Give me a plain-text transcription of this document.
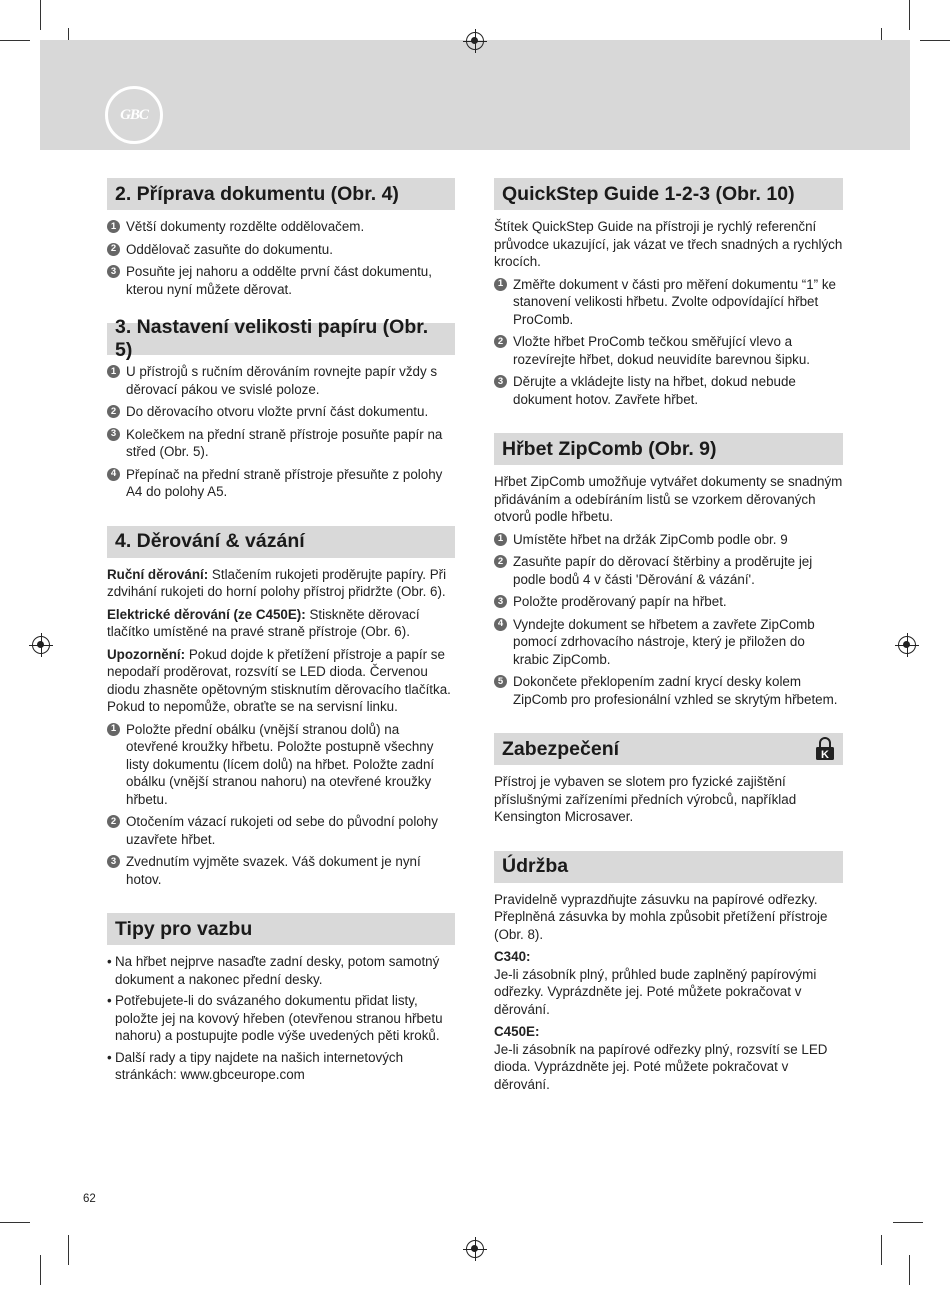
GBC
2. Příprava dokumentu (Obr. 4)
1 Větší dokumenty rozdělte oddělovačem.
2 Oddělovač zasuňte do dokumentu.
3 Posuňte jej nahoru a oddělte první část dokumentu, kterou nyní můžete děrovat.
3. Nastavení velikosti papíru (Obr. 5)
1 U přístrojů s ručním děrováním rovnejte papír vždy s děrovací pákou ve svislé poloze.
2 Do děrovacího otvoru vložte první část dokumentu.
3 Kolečkem na přední straně přístroje posuňte papír na střed (Obr. 5).
4 Přepínač na přední straně přístroje přesuňte z polohy A4 do polohy A5.
4. Děrování & vázání

Ruční děrování: Stlačením rukojeti proděrujte papíry. Při zdvihání rukojeti do horní polohy přístroj přidržte (Obr. 6).

Elektrické děrování (ze C450E): Stiskněte děrovací tlačítko umístěné na pravé straně přístroje (Obr. 6).

Upozornění: Pokud dojde k přetížení přístroje a papír se nepodaří proděrovat, rozsvítí se LED dioda. Červenou diodu zhasněte opětovným stisknutím děrovacího tlačítka. Pokud to nepomůže, obraťte se na servisní linku.

1 Položte přední obálku (vnější stranou dolů) na otevřené kroužky hřbetu. Položte postupně všechny listy dokumentu (lícem dolů) na hřbet. Položte zadní obálku (vnější stranou nahoru) na otevřené kroužky hřbetu.
2 Otočením vázací rukojeti od sebe do původní polohy uzavřete hřbet.
3 Zvednutím vyjměte svazek. Váš dokument je nyní hotov.
Tipy pro vazbu
• Na hřbet nejprve nasaďte zadní desky, potom samotný dokument a nakonec přední desky.
• Potřebujete-li do svázaného dokumentu přidat listy, položte jej na kovový hřeben (otevřenou stranou hřbetu nahoru) a postupujte podle výše uvedených pěti kroků.
• Další rady a tipy najdete na našich internetových stránkách: www.gbceurope.com
QuickStep Guide 1-2-3 (Obr. 10)

Štítek QuickStep Guide na přístroji je rychlý referenční průvodce ukazující, jak vázat ve třech snadných a rychlých krocích.

1 Změřte dokument v části pro měření dokumentu “1” ke stanovení velikosti hřbetu. Zvolte odpovídající hřbet ProComb.
2 Vložte hřbet ProComb tečkou směřující vlevo a rozevírejte hřbet, dokud neuvidíte barevnou šipku.
3 Děrujte a vkládejte listy na hřbet, dokud nebude dokument hotov. Zavřete hřbet.
Hřbet ZipComb (Obr. 9)

Hřbet ZipComb umožňuje vytvářet dokumenty se snadným přidáváním a odebíráním listů se vzorkem děrovaných otvorů podle hřbetu.

1 Umístěte hřbet na držák ZipComb podle obr. 9
2 Zasuňte papír do děrovací štěrbiny a proděrujte jej podle bodů 4 v části 'Děrování & vázání'.
3 Položte proděrovaný papír na hřbet.
4 Vyndejte dokument se hřbetem a zavřete ZipComb pomocí zdrhovacího nástroje, který je přiložen do krabic ZipComb.
5 Dokončete překlopením zadní krycí desky kolem ZipComb pro profesionální vzhled se skrytým hřbetem.
Zabezpečení	K

Přístroj je vybaven se slotem pro fyzické zajištění příslušnými zařízeními předních výrobců, například Kensington Microsaver.

Údržba

Pravidelně vyprazdňujte zásuvku na papírové odřezky. Přeplněná zásuvka by mohla způsobit přetížení přístroje (Obr. 8).

C340:

Je-li zásobník plný, průhled bude zaplněný papírovými odřezky. Vyprázdněte jej. Poté můžete pokračovat v děrování.

C450E:

Je-li zásobník na papírové odřezky plný, rozsvítí se LED dioda. Vyprázdněte jej. Poté můžete pokračovat v děrování.

62
